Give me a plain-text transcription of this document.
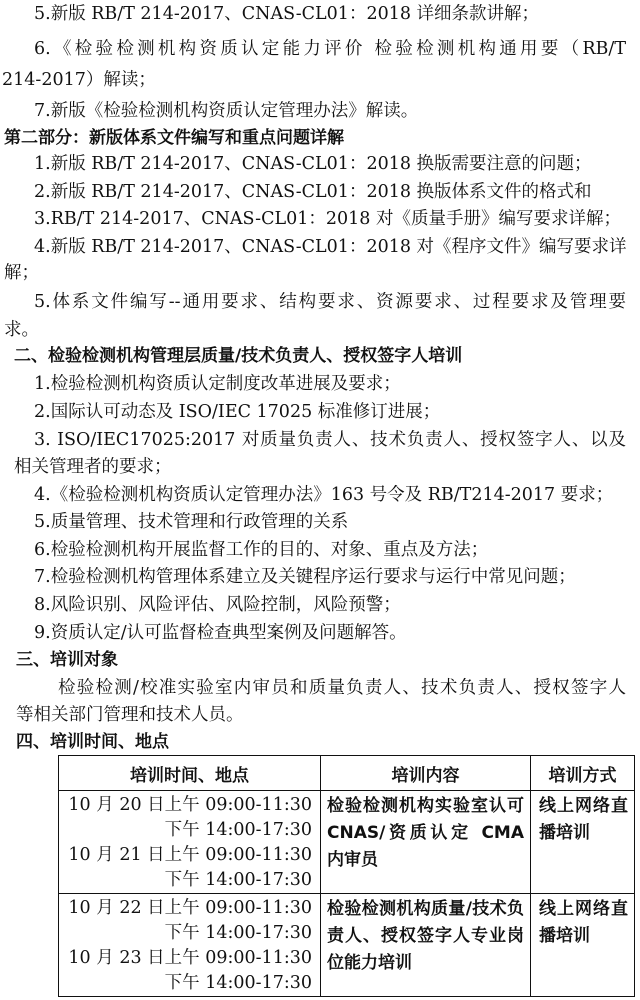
5.新版 RB/T 214-2017、CNAS-CL01：2018 详细条款讲解；
6.《检验检测机构资质认定能力评价 检验检测机构通用要（RB/T
214-2017）解读；
7.新版《检验检测机构资质认定管理办法》解读。
第二部分：新版体系文件编写和重点问题详解
1.新版 RB/T 214-2017、CNAS-CL01：2018 换版需要注意的问题；
2.新版 RB/T 214-2017、CNAS-CL01：2018 换版体系文件的格式和
3.RB/T 214-2017、CNAS-CL01：2018 对《质量手册》编写要求详解；
4.新版 RB/T 214-2017、CNAS-CL01：2018 对《程序文件》编写要求详
解；
5.体系文件编写--通用要求、结构要求、资源要求、过程要求及管理要
求。
二、检验检测机构管理层质量/技术负责人、授权签字人培训
1.检验检测机构资质认定制度改革进展及要求；
2.国际认可动态及 ISO/IEC 17025 标准修订进展；
3. ISO/IEC17025:2017 对质量负责人、技术负责人、授权签字人、以及
相关管理者的要求；
4.《检验检测机构资质认定管理办法》163 号令及 RB/T214-2017 要求；
5.质量管理、技术管理和行政管理的关系
6.检验检测机构开展监督工作的目的、对象、重点及方法；
7.检验检测机构管理体系建立及关键程序运行要求与运行中常见问题；
8.风险识别、风险评估、风险控制，风险预警；
9.资质认定/认可监督检查典型案例及问题解答。
三、培训对象
检验检测/校准实验室内审员和质量负责人、技术负责人、授权签字人
等相关部门管理和技术人员。
四、培训时间、地点
培训时间、地点	培训内容	培训方式

10 月 20 日上午 09:00-11:30
下午 14:00-17:30
10 月 21 日上午 09:00-11:30
下午 14:00-17:30	检验检测机构实验室认可 CNAS/资质认定 CMA 内审员	线上网络直播培训

10 月 22 日上午 09:00-11:30
下午 14:00-17:30
10 月 23 日上午 09:00-11:30
下午 14:00-17:30	检验检测机构质量/技术负责人、授权签字人专业岗位能力培训	线上网络直播培训
